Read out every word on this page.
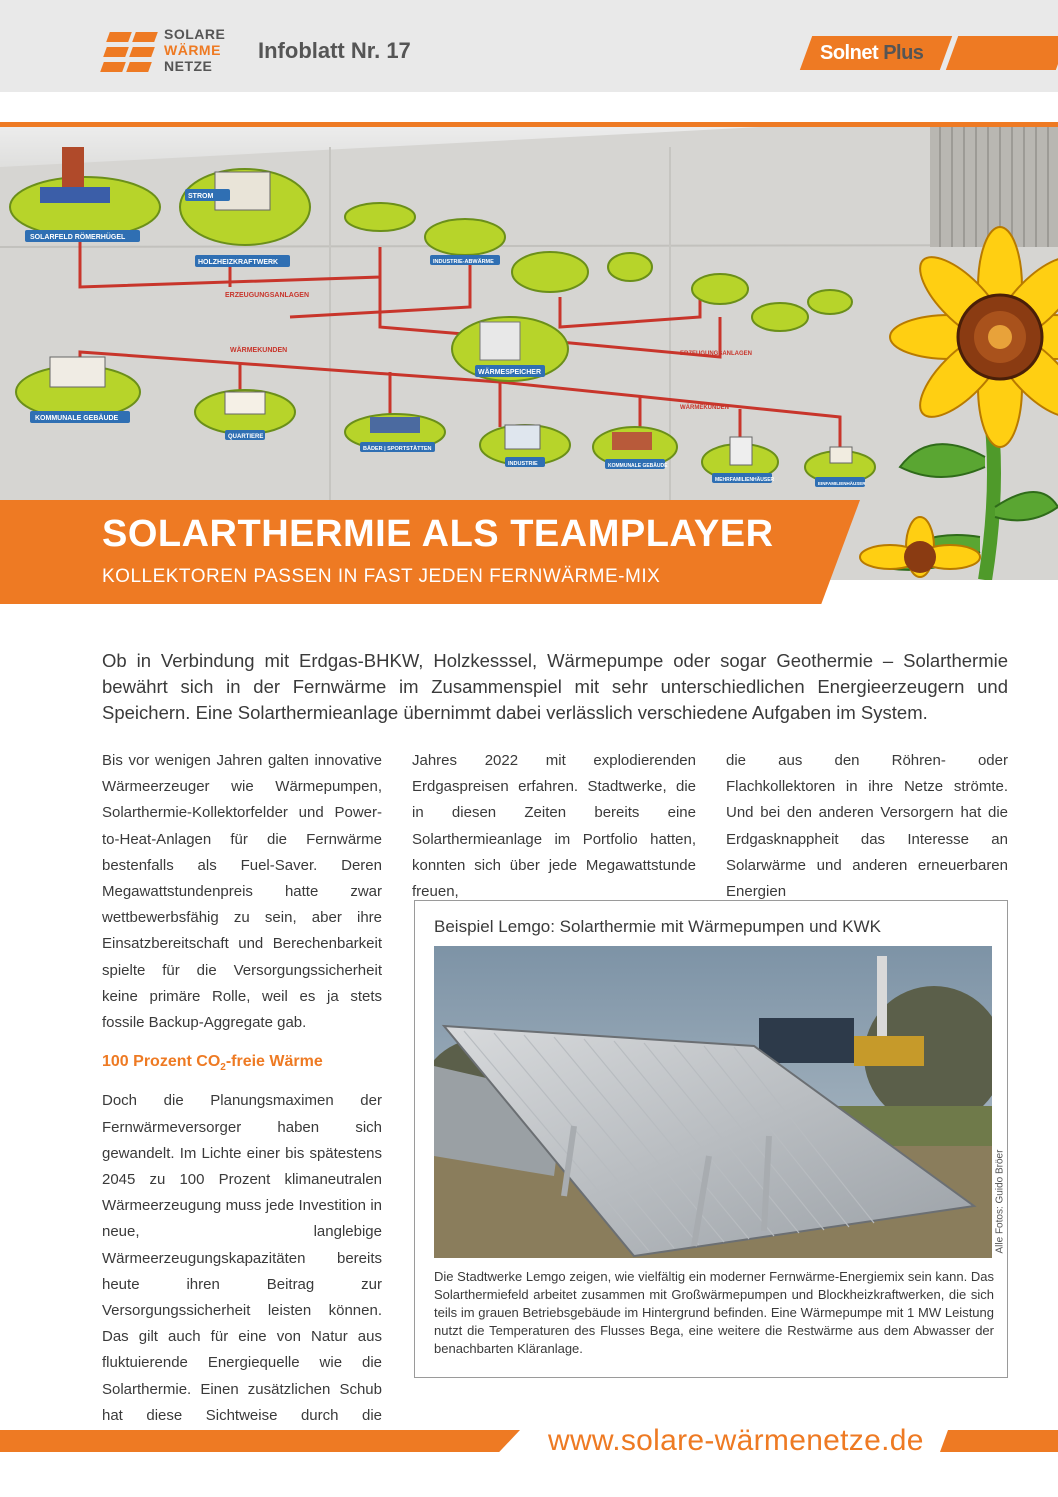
SOLARE
WÄRME
NETZE
Infoblatt Nr. 17	Solnet Plus
SOLARFELD RÖMERHÜGEL
HOLZHEIZKRAFTWERK
STROM
INDUSTRIE-ABWÄRME
WÄRMESPEICHER
KOMMUNALE GEBÄUDE
QUARTIERE
BÄDER | SPORTSTÄTTEN
INDUSTRIE	KOMMUNALE GEBÄUDE
MEHRFAMILIENHÄUSER
EINFAMILIENHÄUSER
ERZEUGUNGSANLAGEN
WÄRMEKUNDEN	ERZEUGUNGSANLAGEN
WÄRMEKUNDEN
SOLARTHERMIE ALS TEAMPLAYER
KOLLEKTOREN PASSEN IN FAST JEDEN FERNWÄRME-MIX
Ob in Verbindung mit Erdgas-BHKW, Holzkesssel, Wärmepumpe oder sogar Geothermie – Solarthermie bewährt sich in der Fernwärme im Zusammenspiel mit sehr unterschiedlichen Energieerzeugern und Speichern. Eine Solarthermieanlage übernimmt dabei verlässlich verschiedene Aufgaben im System.

Bis vor wenigen Jahren galten innovative Wärmeerzeuger wie Wärmepumpen, Solarthermie-Kollektorfelder und Power-to-Heat-Anlagen für die Fernwärme bestenfalls als Fuel-Saver. Deren Megawattstundenpreis hatte zwar wettbewerbsfähig zu sein, aber ihre Einsatzbereitschaft und Berechenbarkeit spielte für die Versorgungssicherheit keine primäre Rolle, weil es ja stets fossile Backup-Aggregate gab.

100 Prozent $CO_2$-freie Wärme

Doch die Planungsmaximen der Fernwärmeversorger haben sich gewandelt. Im Lichte einer bis spätestens 2045 zu 100 Prozent klimaneutralen Wärmeerzeugung muss jede Investition in neue, langlebige Wärmeerzeugungskapazitäten bereits heute ihren Beitrag zur Versorgungssicherheit leisten können. Das gilt auch für eine von Natur aus fluktuierende Energiequelle wie die Solarthermie. Einen zusätzlichen Schub hat diese Sichtweise durch die

Jahres 2022 mit explodierenden Erdgaspreisen erfahren. Stadtwerke, die in diesen Zeiten bereits eine Solarthermieanlage im Portfolio hatten, konnten sich über jede Megawattstunde freuen,

die aus den Röhren- oder Flachkollektoren in ihre Netze strömte. Und bei den anderen Versorgern hat die Erdgasknappheit das Interesse an Solarwärme und anderen erneuerbaren Energien

Beispiel Lemgo: Solarthermie mit Wärmepumpen und KWK
Alle Fotos: Guido Bröer
Die Stadtwerke Lemgo zeigen, wie vielfältig ein moderner Fernwärme-Energiemix sein kann. Das Solarthermiefeld arbeitet zusammen mit Großwärmepumpen und Blockheizkraftwerken, die sich teils im grauen Betriebsgebäude im Hintergrund befinden. Eine Wärmepumpe mit 1 MW Leistung nutzt die Temperaturen des Flusses Bega, eine weitere die Restwärme aus dem Abwasser der benachbarten Kläranlage.
www.solare-wärmenetze.de
